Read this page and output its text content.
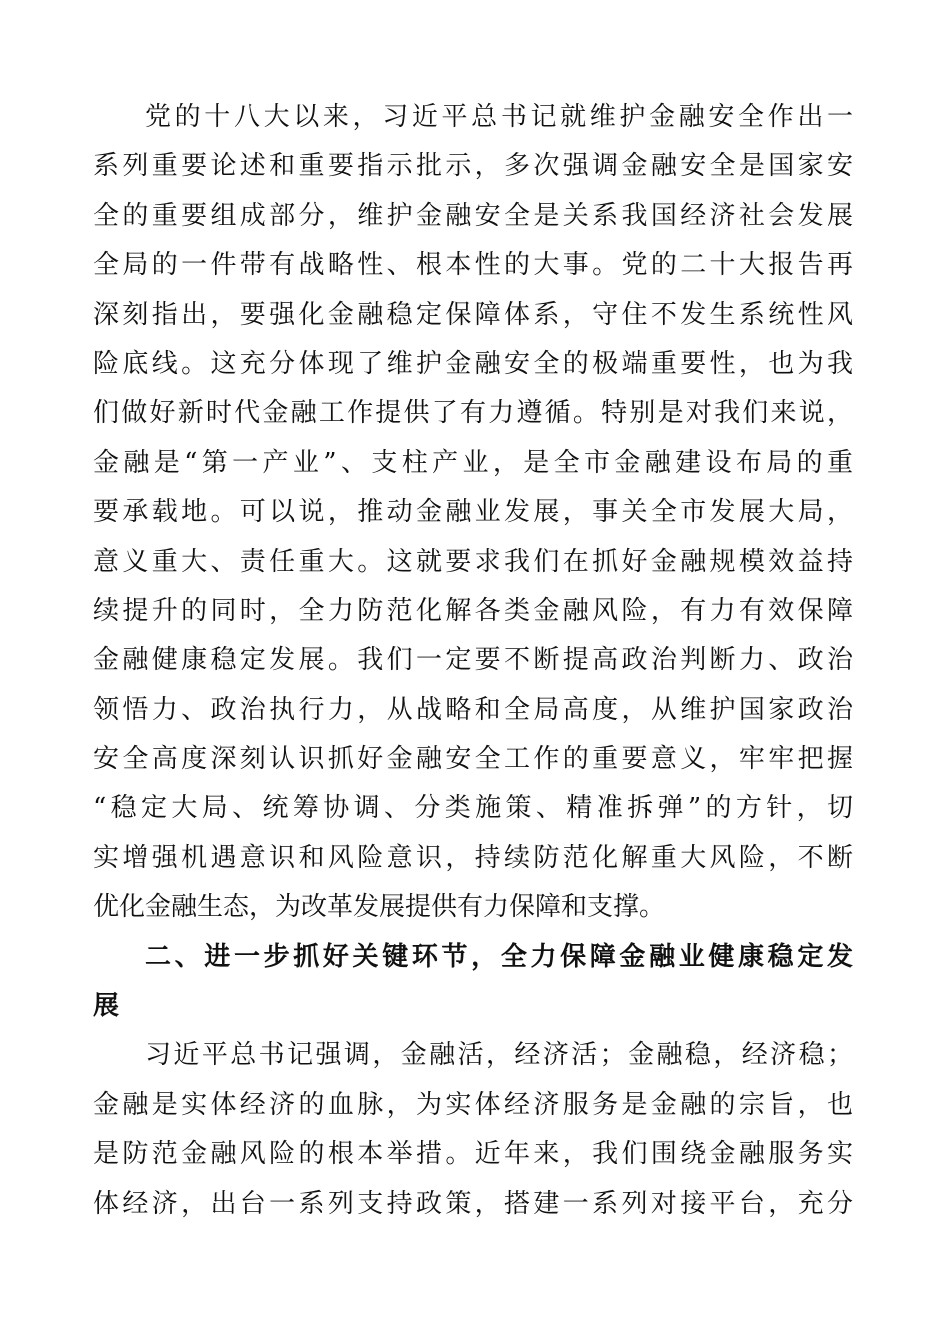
党的十八大以来，习近平总书记就维护金融安全作出一
系列重要论述和重要指示批示，多次强调金融安全是国家安
全的重要组成部分，维护金融安全是关系我国经济社会发展
全局的一件带有战略性、根本性的大事。党的二十大报告再
深刻指出，要强化金融稳定保障体系，守住不发生系统性风
险底线。这充分体现了维护金融安全的极端重要性，也为我
们做好新时代金融工作提供了有力遵循。特别是对我们来说，
金融是“第一产业”、支柱产业，是全市金融建设布局的重
要承载地。可以说，推动金融业发展，事关全市发展大局，
意义重大、责任重大。这就要求我们在抓好金融规模效益持
续提升的同时，全力防范化解各类金融风险，有力有效保障
金融健康稳定发展。我们一定要不断提高政治判断力、政治
领悟力、政治执行力，从战略和全局高度，从维护国家政治
安全高度深刻认识抓好金融安全工作的重要意义，牢牢把握
“稳定大局、统筹协调、分类施策、精准拆弹”的方针，切
实增强机遇意识和风险意识，持续防范化解重大风险，不断
优化金融生态，为改革发展提供有力保障和支撑。
二、进一步抓好关键环节，全力保障金融业健康稳定发
展
习近平总书记强调，金融活，经济活；金融稳，经济稳；
金融是实体经济的血脉，为实体经济服务是金融的宗旨，也
是防范金融风险的根本举措。近年来，我们围绕金融服务实
体经济，出台一系列支持政策，搭建一系列对接平台，充分
